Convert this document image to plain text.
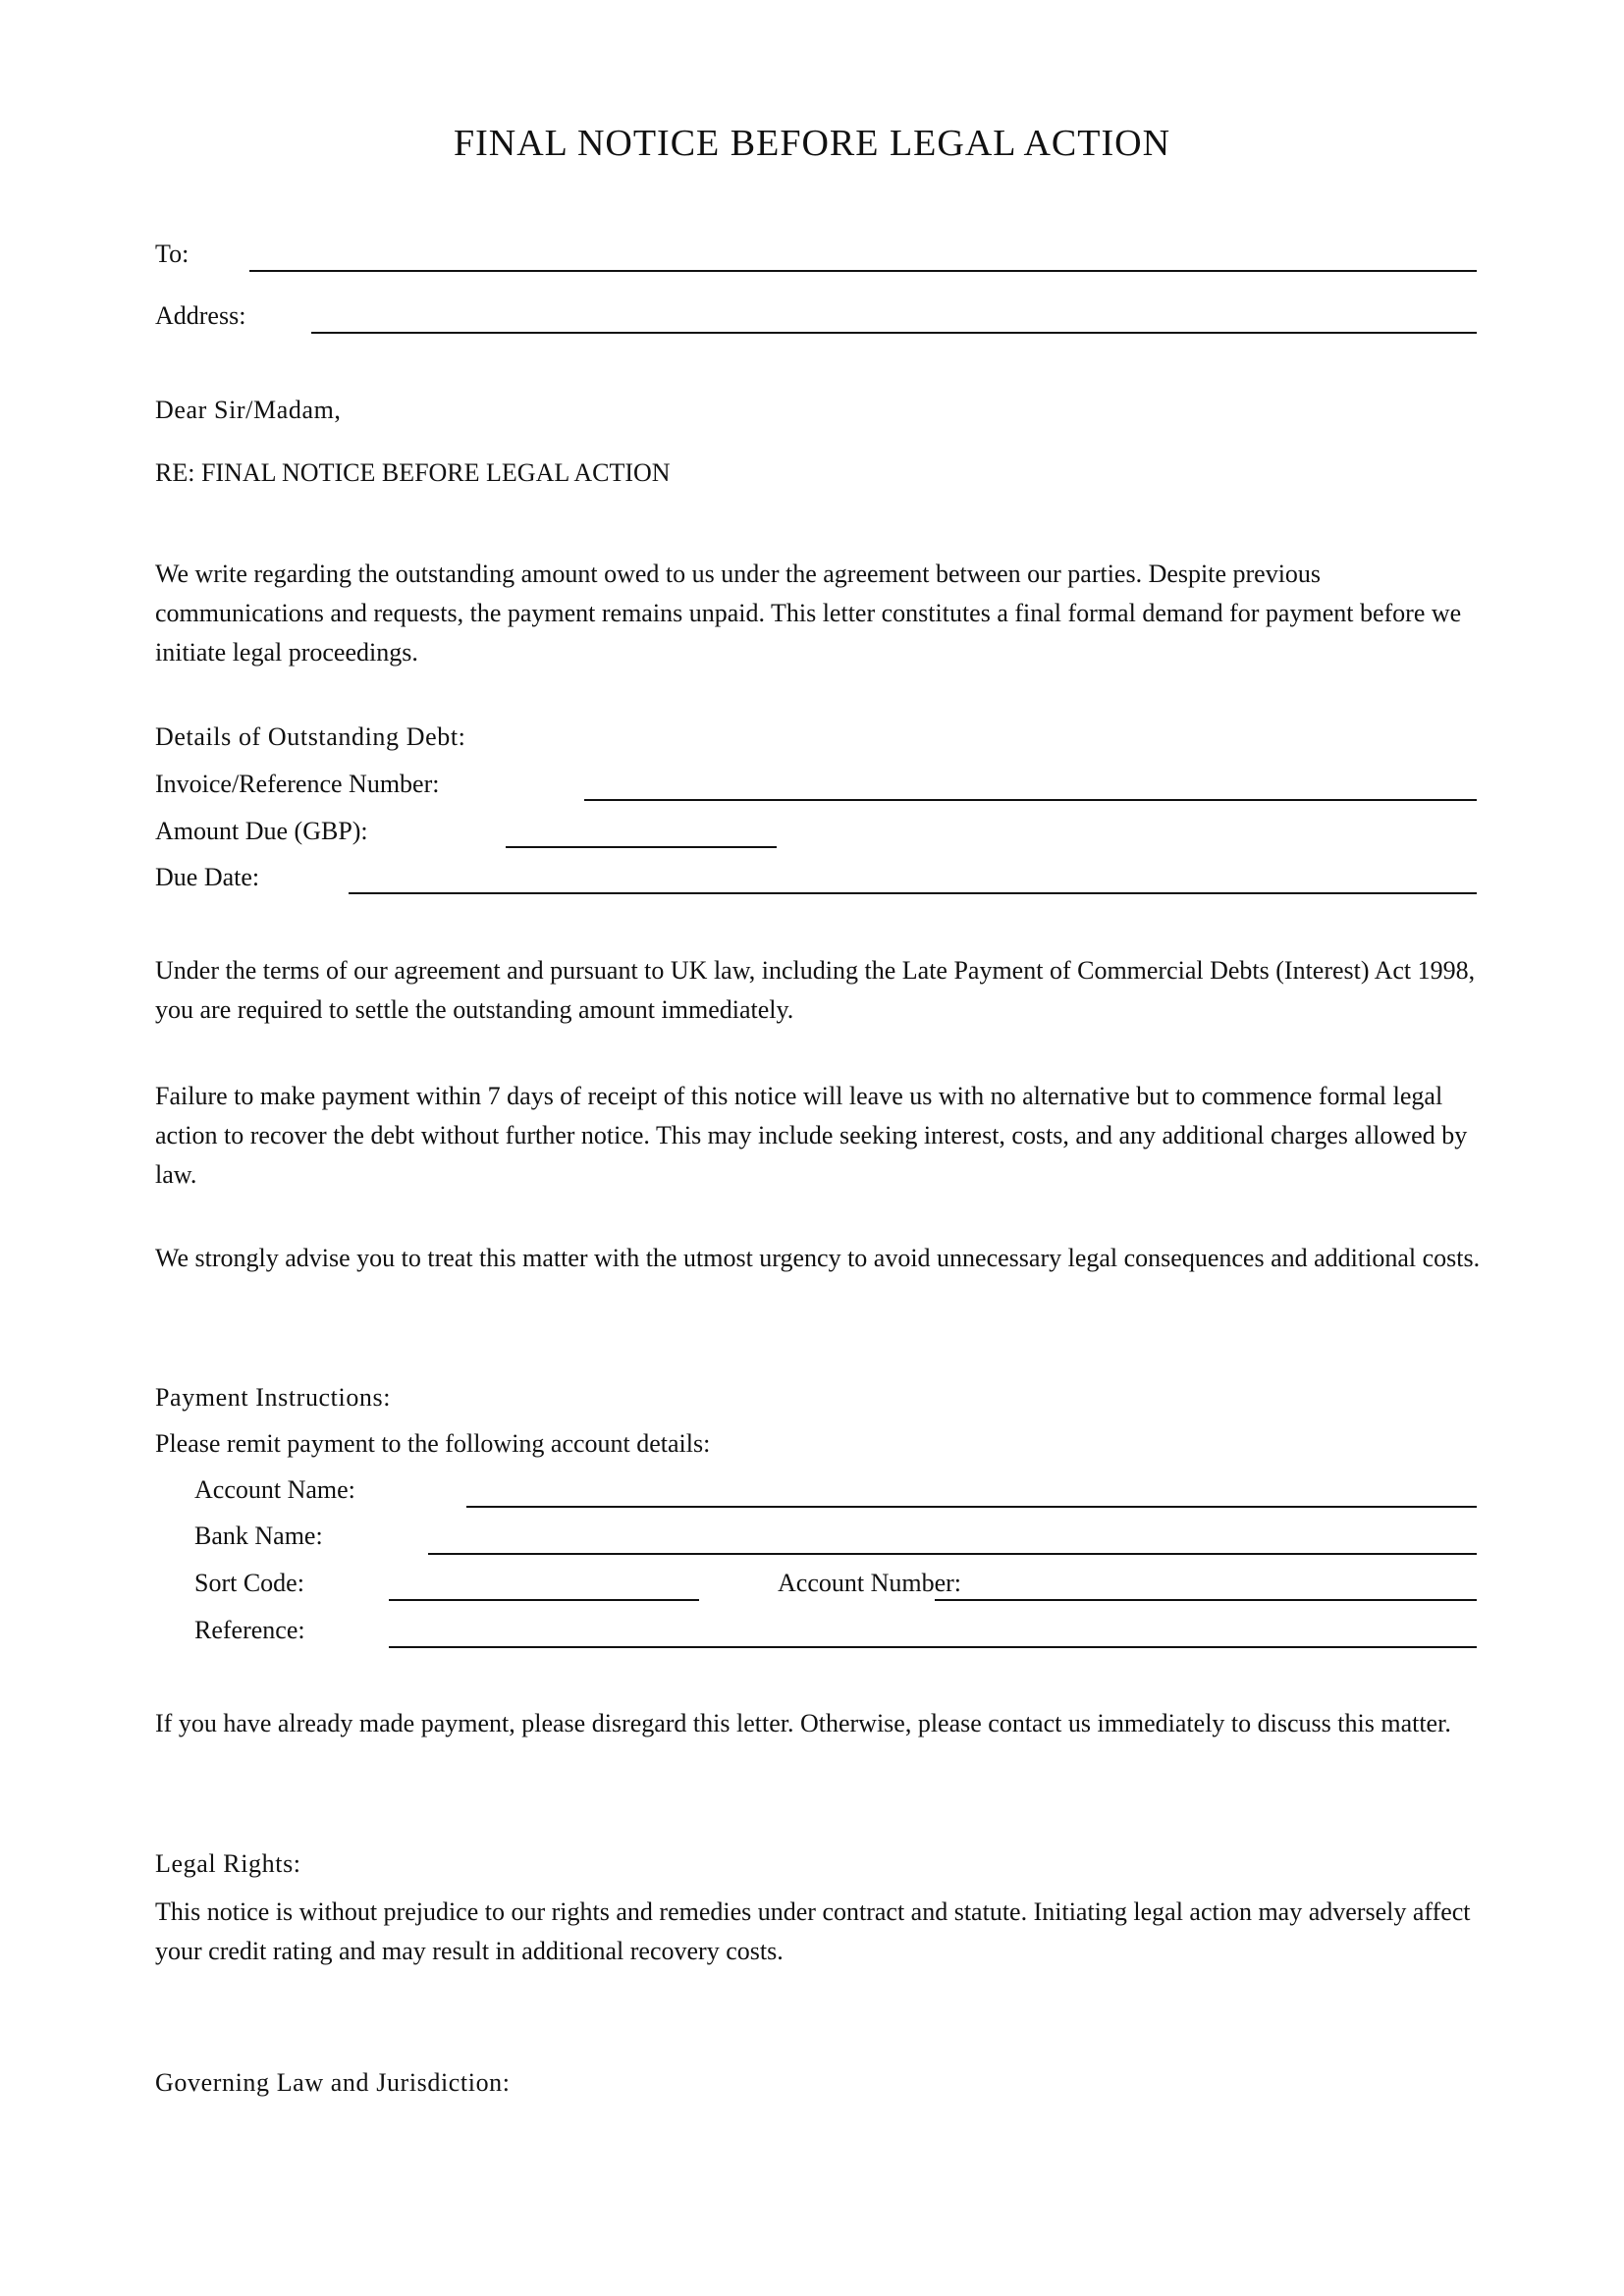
FINAL NOTICE BEFORE LEGAL ACTION
To:
Address:
Dear Sir/Madam,
RE: FINAL NOTICE BEFORE LEGAL ACTION
We write regarding the outstanding amount owed to us under the agreement between our parties. Despite previous communications and requests, the payment remains unpaid. This letter constitutes a final formal demand for payment before we initiate legal proceedings.
Details of Outstanding Debt:
Invoice/Reference Number:
Amount Due (GBP):
Due Date:
Under the terms of our agreement and pursuant to UK law, including the Late Payment of Commercial Debts (Interest) Act 1998, you are required to settle the outstanding amount immediately.
Failure to make payment within 7 days of receipt of this notice will leave us with no alternative but to commence formal legal action to recover the debt without further notice. This may include seeking interest, costs, and any additional charges allowed by law.
We strongly advise you to treat this matter with the utmost urgency to avoid unnecessary legal consequences and additional costs.
Payment Instructions:
Please remit payment to the following account details:
Account Name:
Bank Name:
Sort Code:	Account Number:
Reference:
If you have already made payment, please disregard this letter. Otherwise, please contact us immediately to discuss this matter.
Legal Rights:
This notice is without prejudice to our rights and remedies under contract and statute. Initiating legal action may adversely affect your credit rating and may result in additional recovery costs.
Governing Law and Jurisdiction:
